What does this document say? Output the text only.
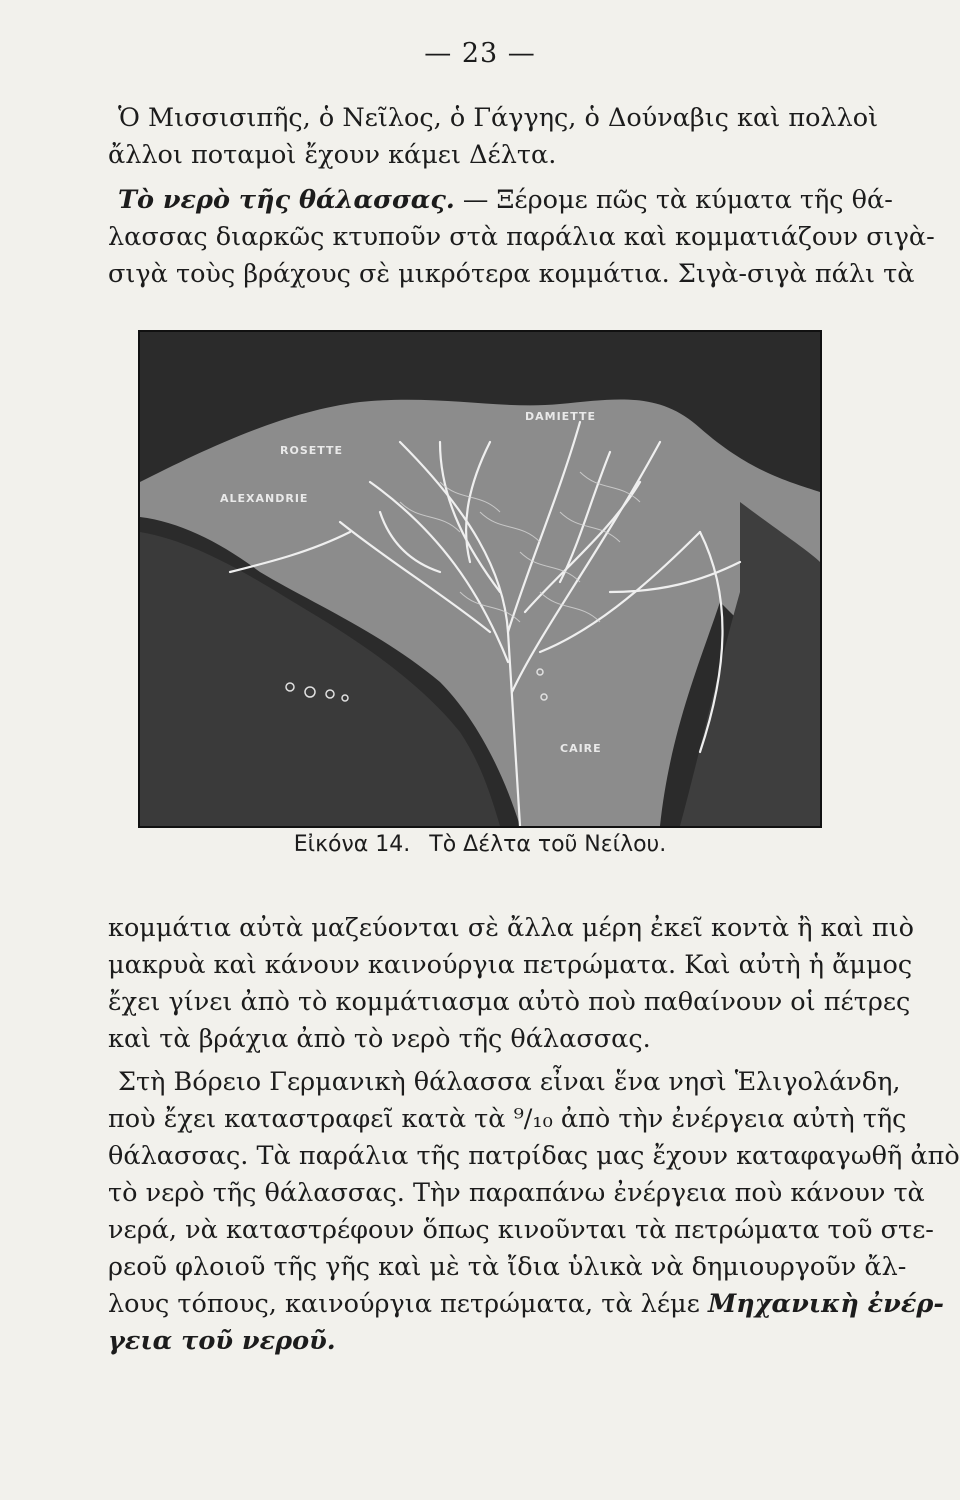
— 23 —
Ὁ Μισσισιπῆς, ὁ Νεῖλος, ὁ Γάγγης, ὁ Δούναβις καὶ πολλοὶ
ἄλλοι ποταμοὶ ἔχουν κάμει Δέλτα.
Τὸ νερὸ τῆς θάλασσας. — Ξέρομε πῶς τὰ κύματα τῆς θά-
λασσας διαρκῶς κτυποῦν στὰ παράλια καὶ κομματιάζουν σιγὰ-
σιγὰ τοὺς βράχους σὲ μικρότερα κομμάτια. Σιγὰ-σιγὰ πάλι τὰ
ROSETTE
DAMIETTE
ALEXANDRIE
CAIRE
Εἰκόνα 14. Τὸ Δέλτα τοῦ Νείλου.
κομμάτια αὐτὰ μαζεύονται σὲ ἄλλα μέρη ἐκεῖ κοντὰ ἢ καὶ πιὸ
μακρυὰ καὶ κάνουν καινούργια πετρώματα. Καὶ αὐτὴ ἡ ἄμμος
ἔχει γίνει ἀπὸ τὸ κομμάτιασμα αὐτὸ ποὺ παθαίνουν οἱ πέτρες
καὶ τὰ βράχια ἀπὸ τὸ νερὸ τῆς θάλασσας.
Στὴ Βόρειο Γερμανικὴ θάλασσα εἶναι ἕνα νησὶ Ἑλιγολάνδη,
ποὺ ἔχει καταστραφεῖ κατὰ τὰ ⁹/₁₀ ἀπὸ τὴν ἐνέργεια αὐτὴ τῆς
θάλασσας. Τὰ παράλια τῆς πατρίδας μας ἔχουν καταφαγωθῆ ἀπὸ
τὸ νερὸ τῆς θάλασσας. Τὴν παραπάνω ἐνέργεια ποὺ κάνουν τὰ
νερά, νὰ καταστρέφουν ὅπως κινοῦνται τὰ πετρώματα τοῦ στε-
ρεοῦ φλοιοῦ τῆς γῆς καὶ μὲ τὰ ἴδια ὑλικὰ νὰ δημιουργοῦν ἄλ-
λους τόπους, καινούργια πετρώματα, τὰ λέμε Μηχανικὴ ἐνέρ-
γεια τοῦ νεροῦ.
